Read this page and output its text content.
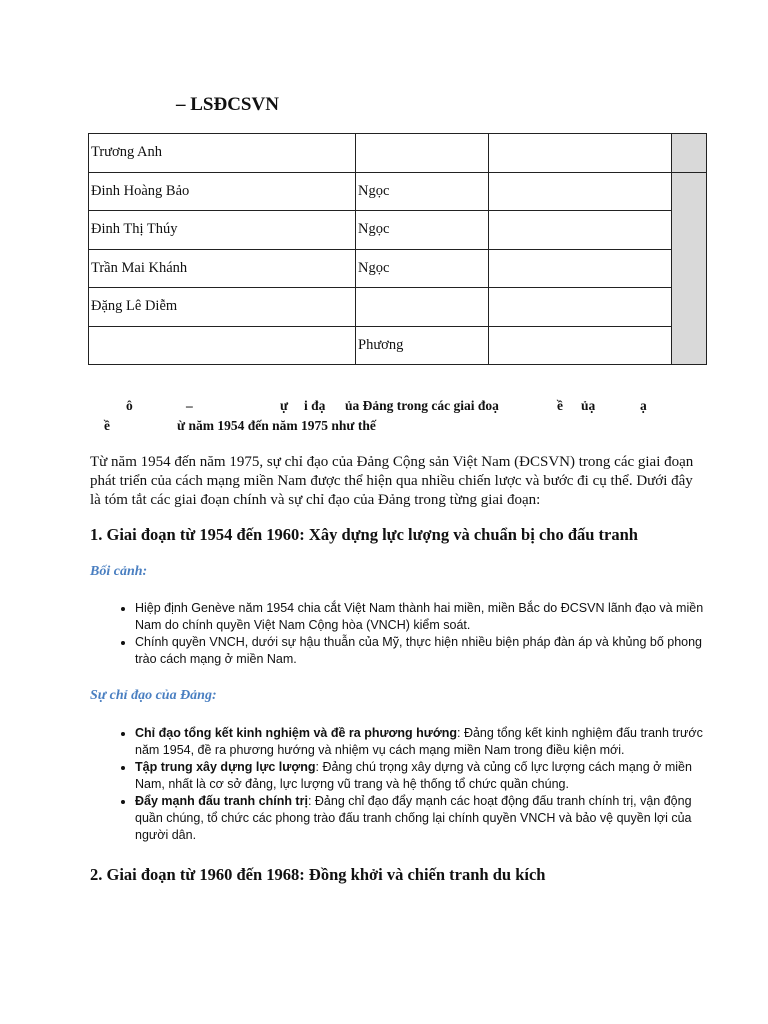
– LSĐCSVN
Trương Anh			
Đinh Hoàng Bảo	Ngọc		
Đinh Thị Thúy	Ngọc		
Trần Mai Khánh	Ngọc		
Đặng Lê Diễm			
	Phương		
ô	–	ự i đạ ủa Đảng trong các giai đoạ	ề ủạ	ạ
ề	ừ năm 1954 đến năm 1975 như thế

Từ năm 1954 đến năm 1975, sự chỉ đạo của Đảng Cộng sản Việt Nam (ĐCSVN) trong các giai đoạn phát triển của cách mạng miền Nam được thể hiện qua nhiều chiến lược và bước đi cụ thể. Dưới đây là tóm tắt các giai đoạn chính và sự chỉ đạo của Đảng trong từng giai đoạn:

1. Giai đoạn từ 1954 đến 1960: Xây dựng lực lượng và chuẩn bị cho đấu tranh
Bối cảnh:
• Hiệp định Genève năm 1954 chia cắt Việt Nam thành hai miền, miền Bắc do ĐCSVN lãnh đạo và miền Nam do chính quyền Việt Nam Cộng hòa (VNCH) kiểm soát.
• Chính quyền VNCH, dưới sự hậu thuẫn của Mỹ, thực hiện nhiều biện pháp đàn áp và khủng bố phong trào cách mạng ở miền Nam.
Sự chỉ đạo của Đảng:
• Chỉ đạo tổng kết kinh nghiệm và đề ra phương hướng: Đảng tổng kết kinh nghiệm đấu tranh trước năm 1954, đề ra phương hướng và nhiệm vụ cách mạng miền Nam trong điều kiện mới.
• Tập trung xây dựng lực lượng: Đảng chú trọng xây dựng và củng cố lực lượng cách mạng ở miền Nam, nhất là cơ sở đảng, lực lượng vũ trang và hệ thống tổ chức quần chúng.
• Đẩy mạnh đấu tranh chính trị: Đảng chỉ đạo đẩy mạnh các hoạt động đấu tranh chính trị, vận động quần chúng, tổ chức các phong trào đấu tranh chống lại chính quyền VNCH và bảo vệ quyền lợi của người dân.
2. Giai đoạn từ 1960 đến 1968: Đồng khởi và chiến tranh du kích
